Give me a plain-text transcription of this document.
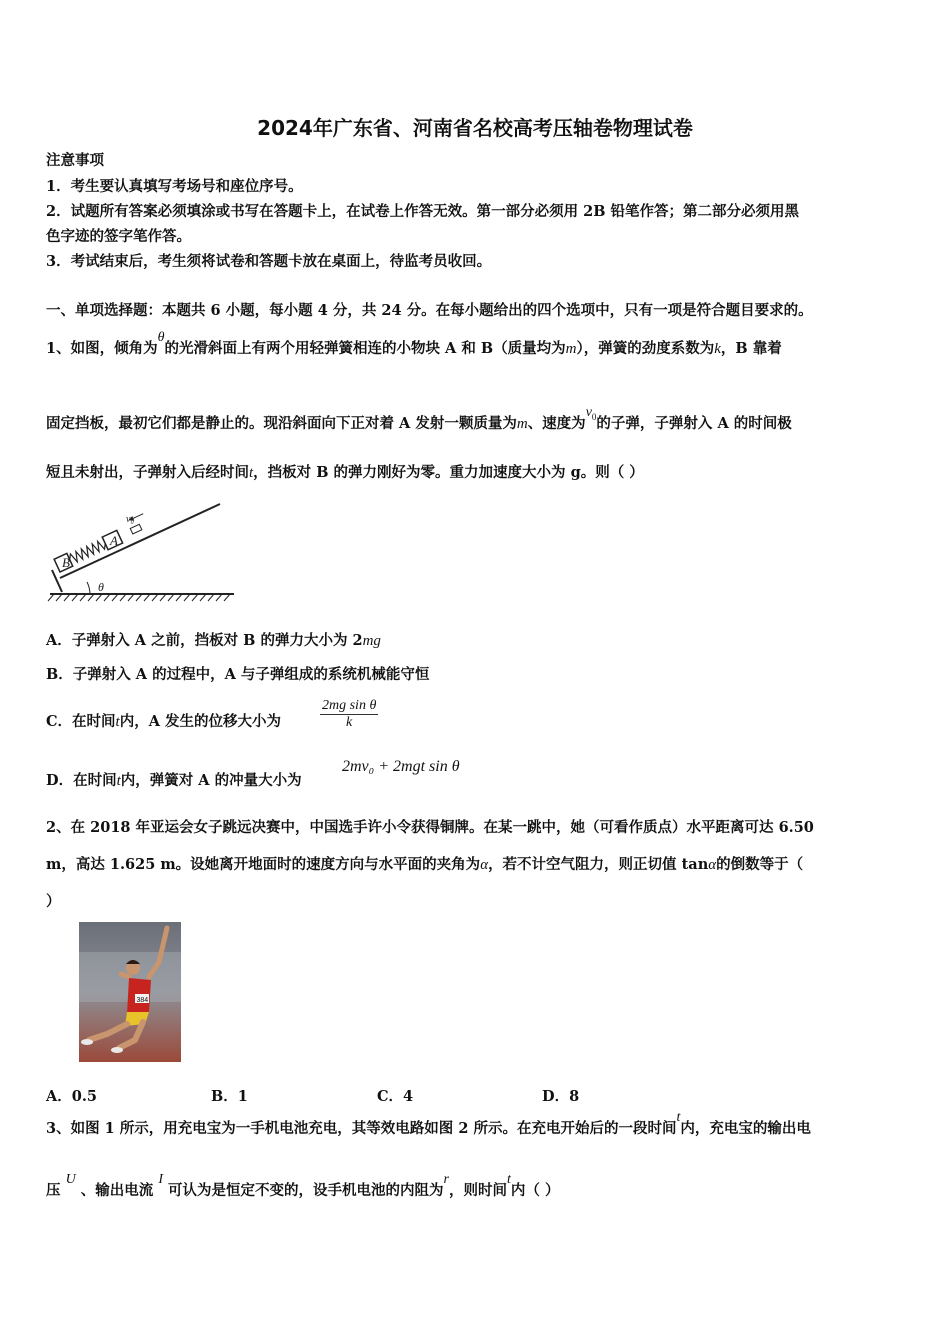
2024年广东省、河南省名校高考压轴卷物理试卷
注意事项
1．考生要认真填写考场号和座位序号。
2．试题所有答案必须填涂或书写在答题卡上，在试卷上作答无效。第一部分必须用 2B 铅笔作答；第二部分必须用黑
色字迹的签字笔作答。
3．考试结束后，考生须将试卷和答题卡放在桌面上，待监考员收回。
一、单项选择题：本题共 6 小题，每小题 4 分，共 24 分。在每小题给出的四个选项中，只有一项是符合题目要求的。
1、如图，倾角为θ的光滑斜面上有两个用轻弹簧相连的小物块 A 和 B（质量均为m），弹簧的劲度系数为k，B 靠着
固定挡板，最初它们都是静止的。现沿斜面向下正对着 A 发射一颗质量为m、速度为$v_0$的子弹，子弹射入 A 的时间极
短且未射出，子弹射入后经时间t，挡板对 B 的弹力刚好为零。重力加速度大小为 g。则（ ）
B
A
v₀
θ
A．子弹射入 A 之前，挡板对 B 的弹力大小为 2mg
B．子弹射入 A 的过程中，A 与子弹组成的系统机械能守恒
C．在时间t内，A 发生的位移大小为	$\frac{\text{2mg sin θ}}{k}$
D．在时间t内，弹簧对 A 的冲量大小为
2mv₀ + 2mgt sin θ
2、在 2018 年亚运会女子跳远决赛中，中国选手许小令获得铜牌。在某一跳中，她（可看作质点）水平距离可达 6.50
m，高达 1.625 m。设她离开地面时的速度方向与水平面的夹角为α，若不计空气阻力，则正切值 tanα的倒数等于（
）
384
A．0.5	B．1	C．4	D．8
3、如图 1 所示，用充电宝为一手机电池充电，其等效电路如图 2 所示。在充电开始后的一段时间t内，充电宝的输出电
压 U 、输出电流 I 可认为是恒定不变的，设手机电池的内阻为r，则时间t内（ ）
